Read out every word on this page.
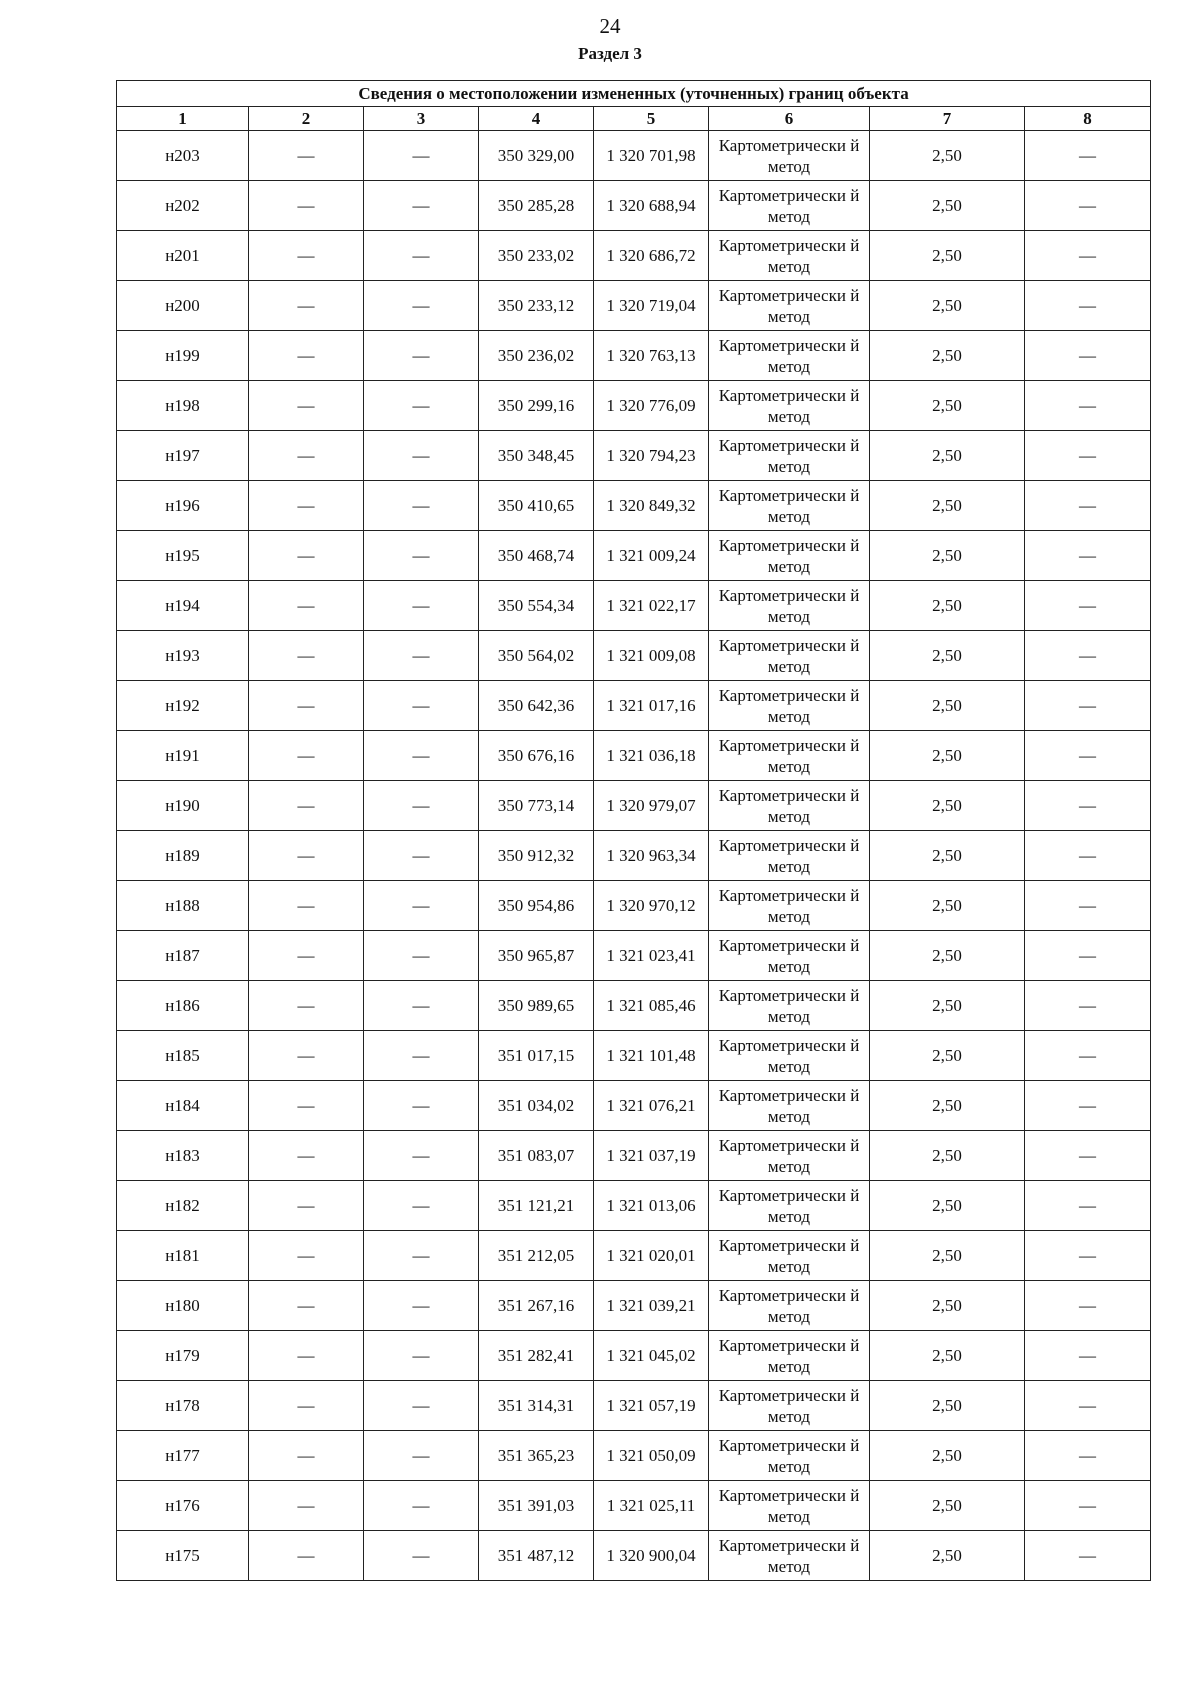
24
Раздел 3
Сведения о местоположении измененных (уточненных) границ объекта							
1	2	3	4	5	6	7	8
н203	—	—	350 329,00	1 320 701,98	Картометрически й метод	2,50	—
н202	—	—	350 285,28	1 320 688,94	Картометрически й метод	2,50	—
н201	—	—	350 233,02	1 320 686,72	Картометрически й метод	2,50	—
н200	—	—	350 233,12	1 320 719,04	Картометрически й метод	2,50	—
н199	—	—	350 236,02	1 320 763,13	Картометрически й метод	2,50	—
н198	—	—	350 299,16	1 320 776,09	Картометрически й метод	2,50	—
н197	—	—	350 348,45	1 320 794,23	Картометрически й метод	2,50	—
н196	—	—	350 410,65	1 320 849,32	Картометрически й метод	2,50	—
н195	—	—	350 468,74	1 321 009,24	Картометрически й метод	2,50	—
н194	—	—	350 554,34	1 321 022,17	Картометрически й метод	2,50	—
н193	—	—	350 564,02	1 321 009,08	Картометрически й метод	2,50	—
н192	—	—	350 642,36	1 321 017,16	Картометрически й метод	2,50	—
н191	—	—	350 676,16	1 321 036,18	Картометрически й метод	2,50	—
н190	—	—	350 773,14	1 320 979,07	Картометрически й метод	2,50	—
н189	—	—	350 912,32	1 320 963,34	Картометрически й метод	2,50	—
н188	—	—	350 954,86	1 320 970,12	Картометрически й метод	2,50	—
н187	—	—	350 965,87	1 321 023,41	Картометрически й метод	2,50	—
н186	—	—	350 989,65	1 321 085,46	Картометрически й метод	2,50	—
н185	—	—	351 017,15	1 321 101,48	Картометрически й метод	2,50	—
н184	—	—	351 034,02	1 321 076,21	Картометрически й метод	2,50	—
н183	—	—	351 083,07	1 321 037,19	Картометрически й метод	2,50	—
н182	—	—	351 121,21	1 321 013,06	Картометрически й метод	2,50	—
н181	—	—	351 212,05	1 321 020,01	Картометрически й метод	2,50	—
н180	—	—	351 267,16	1 321 039,21	Картометрически й метод	2,50	—
н179	—	—	351 282,41	1 321 045,02	Картометрически й метод	2,50	—
н178	—	—	351 314,31	1 321 057,19	Картометрически й метод	2,50	—
н177	—	—	351 365,23	1 321 050,09	Картометрически й метод	2,50	—
н176	—	—	351 391,03	1 321 025,11	Картометрически й метод	2,50	—
н175	—	—	351 487,12	1 320 900,04	Картометрически й метод	2,50	—
